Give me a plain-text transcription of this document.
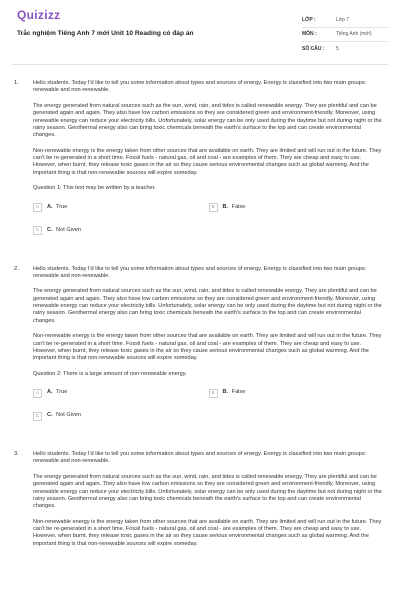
Quizizz
Trắc nghiệm Tiếng Anh 7 mới Unit 10 Reading có đáp án
LỚP :	Lớp 7
MÔN :	Tiếng Anh (mới)
SỐ CÂU :	5
1.	Hello students. Today I'd like to tell you some information about types and sources of energy. Energy is classified into two main groups: renewable and non-renewable.

The energy generated from natural sources such as the sun, wind, rain, and tides is called renewable energy. They are plentiful and can be generated again and again. They also have low carbon emissions so they are considered green and environment-friendly. Moreover, using renewable energy can reduce your electricity bills. Unfortunately, solar energy can be only used during the daytime but not during night or the rainy season. Geothermal energy also can bring toxic chemicals beneath the earth's surface to the top and can create environmental changes.

Non-renewable energy is the energy taken from other sources that are available on earth. They are limited and will run out in the future. They can't be re-generated in a short time. Fossil fuels - natural gas, oil and coal - are examples of them. They are cheap and easy to use. However, when burnt, they release toxic gases in the air so they cause serious environmental changes such as global warming. And the important thing is that non-renewable sources will expire someday.

Question 1: This text may be written by a teacher.

A	A. True	B	B. False
C	C. Not Given
2.	Hello students. Today I'd like to tell you some information about types and sources of energy. Energy is classified into two main groups: renewable and non-renewable.

The energy generated from natural sources such as the sun, wind, rain, and tides is called renewable energy. They are plentiful and can be generated again and again. They also have low carbon emissions so they are considered green and environment-friendly. Moreover, using renewable energy can reduce your electricity bills. Unfortunately, solar energy can be only used during the daytime but not during night or the rainy season. Geothermal energy also can bring toxic chemicals beneath the earth's surface to the top and can create environmental changes.

Non-renewable energy is the energy taken from other sources that are available on earth. They are limited and will run out in the future. They can't be re-generated in a short time. Fossil fuels - natural gas, oil and coal - are examples of them. They are cheap and easy to use. However, when burnt, they release toxic gases in the air so they cause serious environmental changes such as global warming. And the important thing is that non-renewable sources will expire someday.

Question 2: There is a large amount of non-renewable energy.

A	A. True	B	B. False
C	C. Not Given
3.	Hello students. Today I'd like to tell you some information about types and sources of energy. Energy is classified into two main groups: renewable and non-renewable.

The energy generated from natural sources such as the sun, wind, rain, and tides is called renewable energy. They are plentiful and can be generated again and again. They also have low carbon emissions so they are considered green and environment-friendly. Moreover, using renewable energy can reduce your electricity bills. Unfortunately, solar energy can be only used during the daytime but not during night or the rainy season. Geothermal energy also can bring toxic chemicals beneath the earth's surface to the top and can create environmental changes.

Non-renewable energy is the energy taken from other sources that are available on earth. They are limited and will run out in the future. They can't be re-generated in a short time. Fossil fuels - natural gas, oil and coal - are examples of them. They are cheap and easy to use. However, when burnt, they release toxic gases in the air so they cause serious environmental changes such as global warming. And the important thing is that non-renewable sources will expire someday.
